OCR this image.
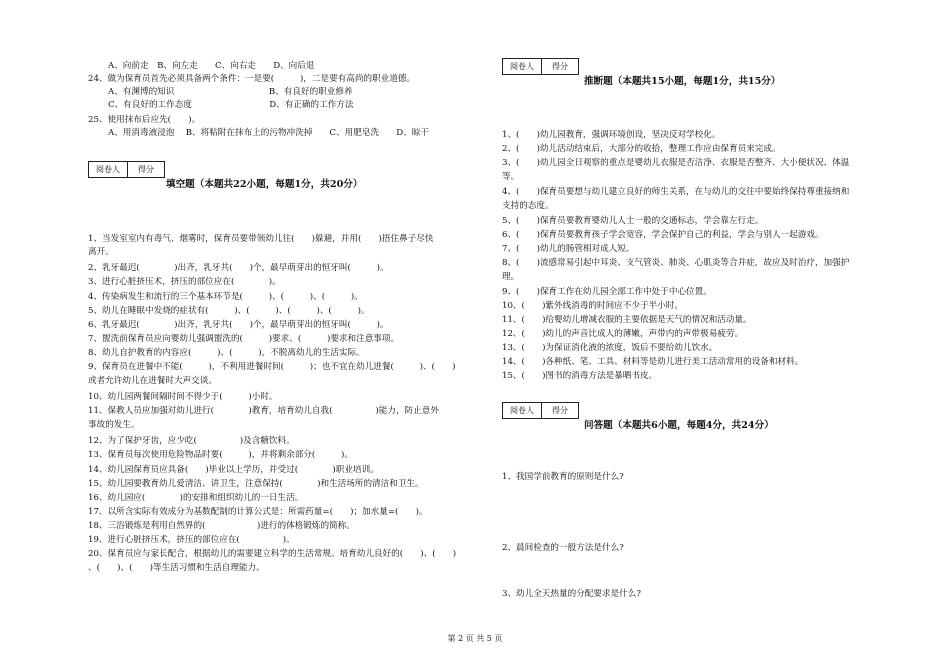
A、向前走　B、向左走　　C、向右走　　D、向后退
24、做为保育员首先必须具备两个条件：一是要(　　　)，二是要有高尚的职业道德。
A、有渊博的知识　　　　　　　　　　　B、有良好的职业修养
C、有良好的工作态度　　　　　　　　　D、有正确的工作方法
25、使用抹布后应先(　　)。
A、用消毒液浸泡　 B、将粘附在抹布上的污物冲洗掉　　C、用肥皂洗　　D、晾干
阅卷人	得分
填空题（本题共22小题，每题1分，共20分）
1、当发室室内有毒气、烟雾时，保育员要带领幼儿往(　　)躲避，并用(　　)捂住鼻子尽快
离开。
2、乳牙最迟(　　　　)出齐，乳牙共(　　)个，最早萌芽出的恒牙叫(　　　)。
3、进行心脏挤压术，挤压的部位应在(　　　　)。
4、传染病发生和流行的三个基本环节是(　　　)、(　　　)、(　　　)。
5、幼儿在睡眠中发烧的症状有(　　　)、(　　　)、(　　　)、(　　　)。
6、乳牙最迟(　　　　)出齐，乳牙共(　　)个，最早萌芽出的恒牙叫(　　　)。
7、盥洗前保育员应向婴幼儿强调盥洗的(　　　)要求、(　　　)要求和注意事项。
8、幼儿自护教育的内容应(　　　)、(　　　)，不脱离幼儿的生活实际。
9、保育员在进餐中不能(　　　)，不利用进餐时间(　　　)；也不宜在幼儿进餐(　　　)、(　　)
或者允许幼儿在进餐时大声交谈。
10、幼儿园两餐间隔时间不得少于(　　　)小时。
11、保教人员应加强对幼儿进行(　　　　)教育，培育幼儿自我(　　　　　)能力，防止意外
事故的发生。
12、为了保护牙齿，应少吃(　　　　　)及含糖饮料。
13、保育员每次使用危险物品时要(　　　)，并将剩余部分(　　　)。
14、幼儿园保育员应具备(　　)毕业以上学历，并受过(　　　　)职业培训。
15、幼儿园要教育幼儿爱清洁、讲卫生，注意保持(　　　　)和生活场所的清洁和卫生。
16、幼儿园应(　　　　)的安排和组织幼儿的一日生活。
17、以所含实际有效成分为基数配制的计算公式是：所需药量=(　　)；加水量=(　　)。
18、三浴锻炼是利用自然界的(　　　　　　)进行的体格锻炼的简称。
19、进行心脏挤压术，挤压的部位应在(　　　　　)。
20、保育员应与家长配合，根据幼儿的需要建立科学的生活常规。培育幼儿良好的(　　)、(　　)
、(　　)、(　　)等生活习惯和生活自理能力。
阅卷人	得分
推断题（本题共15小题，每题1分，共15分）
1、(　　)幼儿园教育，强调环境创设，坚决反对学校化。
2、(　　)幼儿活动结束后，大部分的收拾，整理工作应由保育员来完成。
3、(　　)幼儿园全日观察的重点是婴幼儿衣服是否洁净、衣服是否整齐、大小便状况、体温
等。
4、(　　)保育员要想与幼儿建立良好的师生关系，在与幼儿的交往中要始终保持尊重接纳和
支持的态度。
5、(　　)保育员要教育婴幼儿人士一般的交通标志，学会靠左行走。
6、(　　)保育员要教育孩子学会宽容，学会保护自己的利益，学会与别人一起游戏。
7、(　　)幼儿的肠管相对成人短。
8、(　　)流感常易引起中耳炎、支气管炎、肺炎、心肌炎等合并症，故应及时治疗，加强护
理。
9、(　　)保育工作在幼儿园全部工作中处于中心位置。
10、(　　)紫外线消毒的时间应不少于半小时。
11、(　　)给婴幼儿增减衣服的主要依据是天气的情况和活动量。
12、(　　)幼儿的声音比成人的薄嫩，声带内的声带极易疲劳。
13、(　　)为保证消化液的浓度，饭后不要给幼儿饮水。
14、(　　)各种纸、笔、工具、材料等是幼儿进行美工活动常用的设备和材料。
15、(　　)图书的消毒方法是暴晒书皮。
阅卷人	得分
问答题（本题共6小题，每题4分，共24分）
1、我国学前教育的原则是什么?
2、晨间检查的一般方法是什么?
3、幼儿全天热量的分配要求是什么?
第 2 页 共 5 页
